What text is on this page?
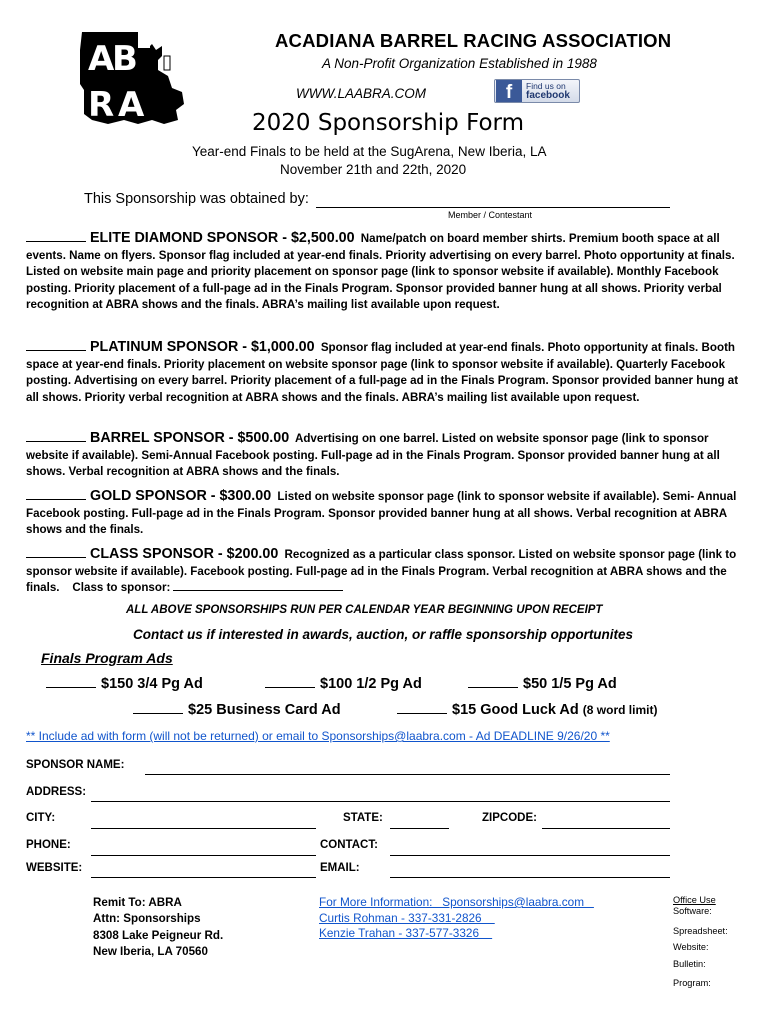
A
B
R A
ACADIANA BARREL RACING ASSOCIATION
A Non-Profit Organization Established in 1988
WWW.LAABRA.COM	f	Find us on
facebook
2020 Sponsorship Form
Year-end Finals to be held at the SugArena, New Iberia, LA
November 21th and 22th, 2020
This Sponsorship was obtained by:
Member / Contestant
ELITE DIAMOND SPONSOR - $2,500.00 Name/patch on board member shirts. Premium booth space at all events. Name on flyers. Sponsor flag included at year-end finals. Priority advertising on every barrel. Photo opportunity at finals. Listed on website main page and priority placement on sponsor page (link to sponsor website if available). Monthly Facebook posting. Priority placement of a full-page ad in the Finals Program. Sponsor provided banner hung at all shows. Priority verbal recognition at ABRA shows and the finals. ABRA’s mailing list available upon request.
PLATINUM SPONSOR - $1,000.00 Sponsor flag included at year-end finals. Photo opportunity at finals. Booth space at year-end finals. Priority placement on website sponsor page (link to sponsor website if available). Quarterly Facebook posting. Advertising on every barrel. Priority placement of a full-page ad in the Finals Program. Sponsor provided banner hung at all shows. Priority verbal recognition at ABRA shows and the finals. ABRA’s mailing list available upon request.
BARREL SPONSOR - $500.00 Advertising on one barrel. Listed on website sponsor page (link to sponsor website if available). Semi-Annual Facebook posting. Full-page ad in the Finals Program. Sponsor provided banner hung at all shows. Verbal recognition at ABRA shows and the finals.
GOLD SPONSOR - $300.00 Listed on website sponsor page (link to sponsor website if available). Semi- Annual Facebook posting. Full-page ad in the Finals Program. Sponsor provided banner hung at all shows. Verbal recognition at ABRA shows and the finals.
CLASS SPONSOR - $200.00 Recognized as a particular class sponsor. Listed on website sponsor page (link to sponsor website if available). Facebook posting. Full-page ad in the Finals Program. Verbal recognition at ABRA shows and the finals. Class to sponsor:
ALL ABOVE SPONSORSHIPS RUN PER CALENDAR YEAR BEGINNING UPON RECEIPT
Contact us if interested in awards, auction, or raffle sponsorship opportunites
Finals Program Ads
$150 3/4 Pg Ad	$100 1/2 Pg Ad	$50 1/5 Pg Ad
$25 Business Card Ad	$15 Good Luck Ad (8 word limit)
** Include ad with form (will not be returned) or email to Sponsorships@laabra.com - Ad DEADLINE 9/26/20 **
SPONSOR NAME:
ADDRESS:
CITY:	STATE:	ZIPCODE:
PHONE:	CONTACT:
WEBSITE:	EMAIL:
Remit To: ABRA
Attn: Sponsorships
8308 Lake Peigneur Rd.
New Iberia, LA 70560
For More Information:   Sponsorships@laabra.com
Curtis Rohman - 337-331-2826
Kenzie Trahan - 337-577-3326
Office Use
Software:
Spreadsheet:
Website:
Bulletin:
Program:
